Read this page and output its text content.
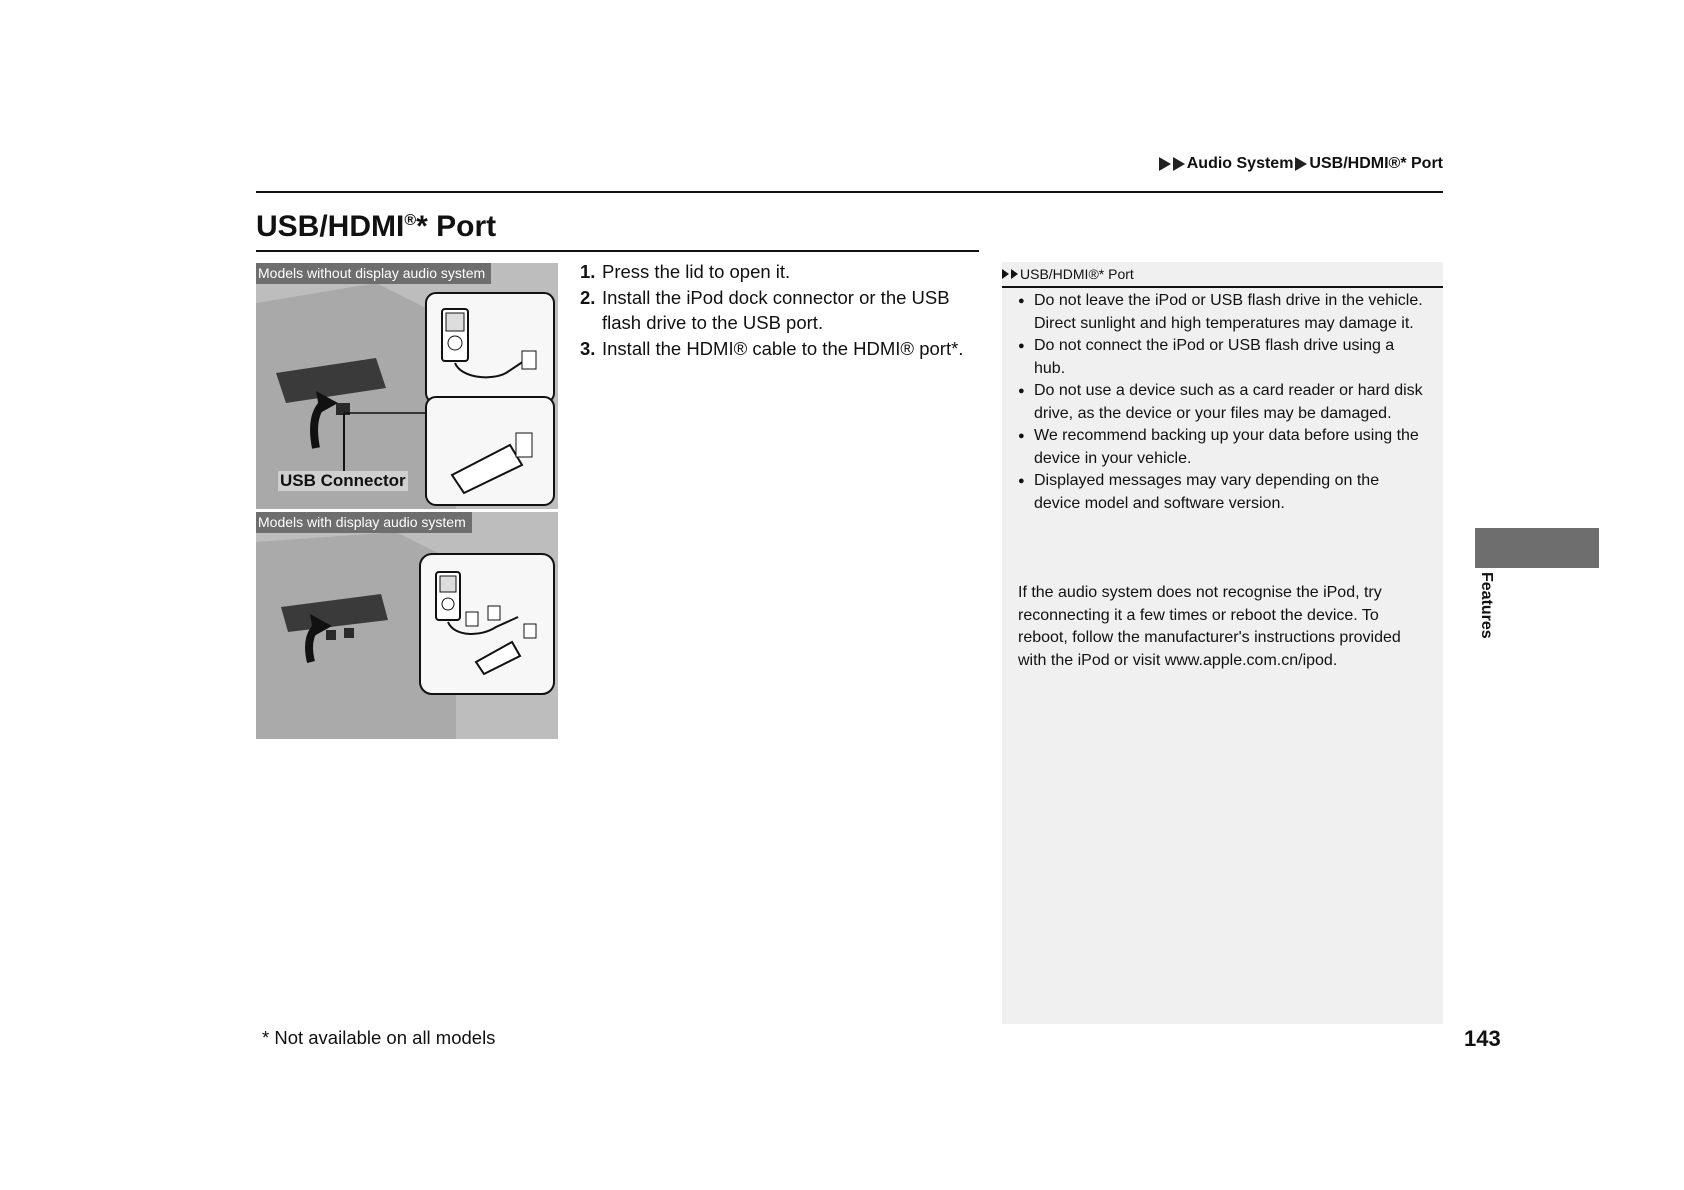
Audio System USB/HDMI®* Port
USB/HDMI®* Port
Models without display audio system
USB Connector
Models with display audio system
1. Press the lid to open it.
2. Install the iPod dock connector or the USB flash drive to the USB port.
3. Install the HDMI® cable to the HDMI® port*.
USB/HDMI®* Port
● Do not leave the iPod or USB flash drive in the vehicle. Direct sunlight and high temperatures may damage it.
● Do not connect the iPod or USB flash drive using a hub.
● Do not use a device such as a card reader or hard disk drive, as the device or your files may be damaged.
● We recommend backing up your data before using the device in your vehicle.
● Displayed messages may vary depending on the device model and software version.

If the audio system does not recognise the iPod, try reconnecting it a few times or reboot the device. To reboot, follow the manufacturer's instructions provided with the iPod or visit www.apple.com.cn/ipod.

Features
* Not available on all models	143
